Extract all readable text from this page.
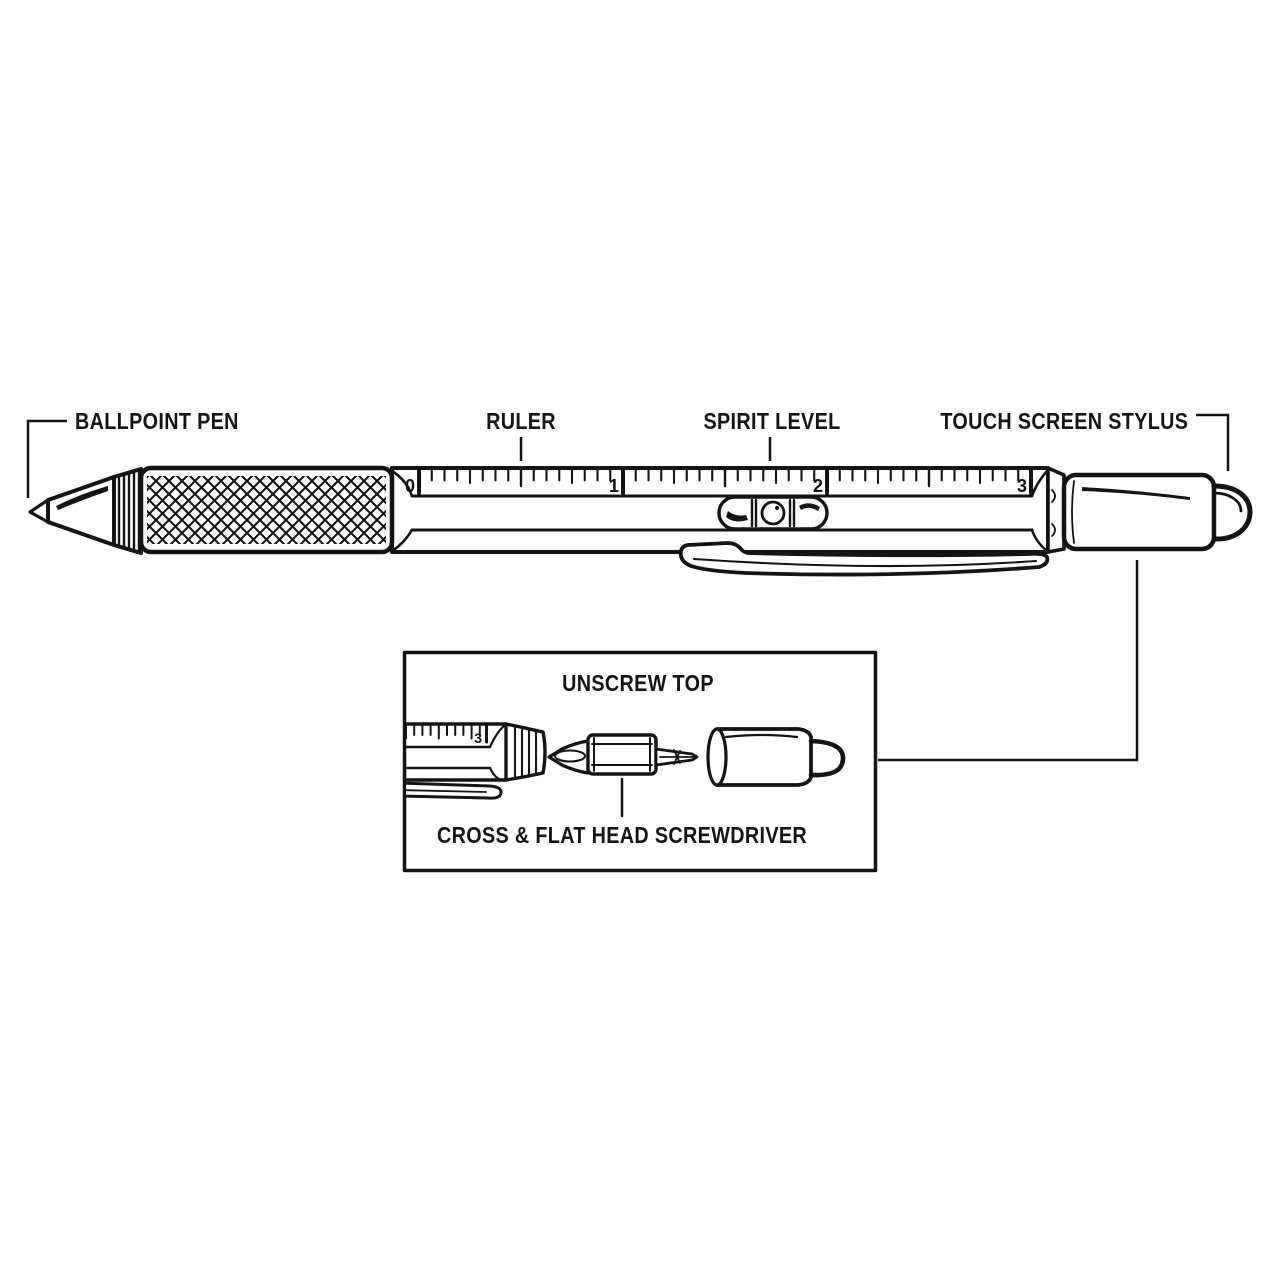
0	1	2	3
3
BALLPOINT PEN	RULER	SPIRIT LEVEL	TOUCH SCREEN STYLUS
UNSCREW TOP
CROSS & FLAT HEAD SCREWDRIVER
